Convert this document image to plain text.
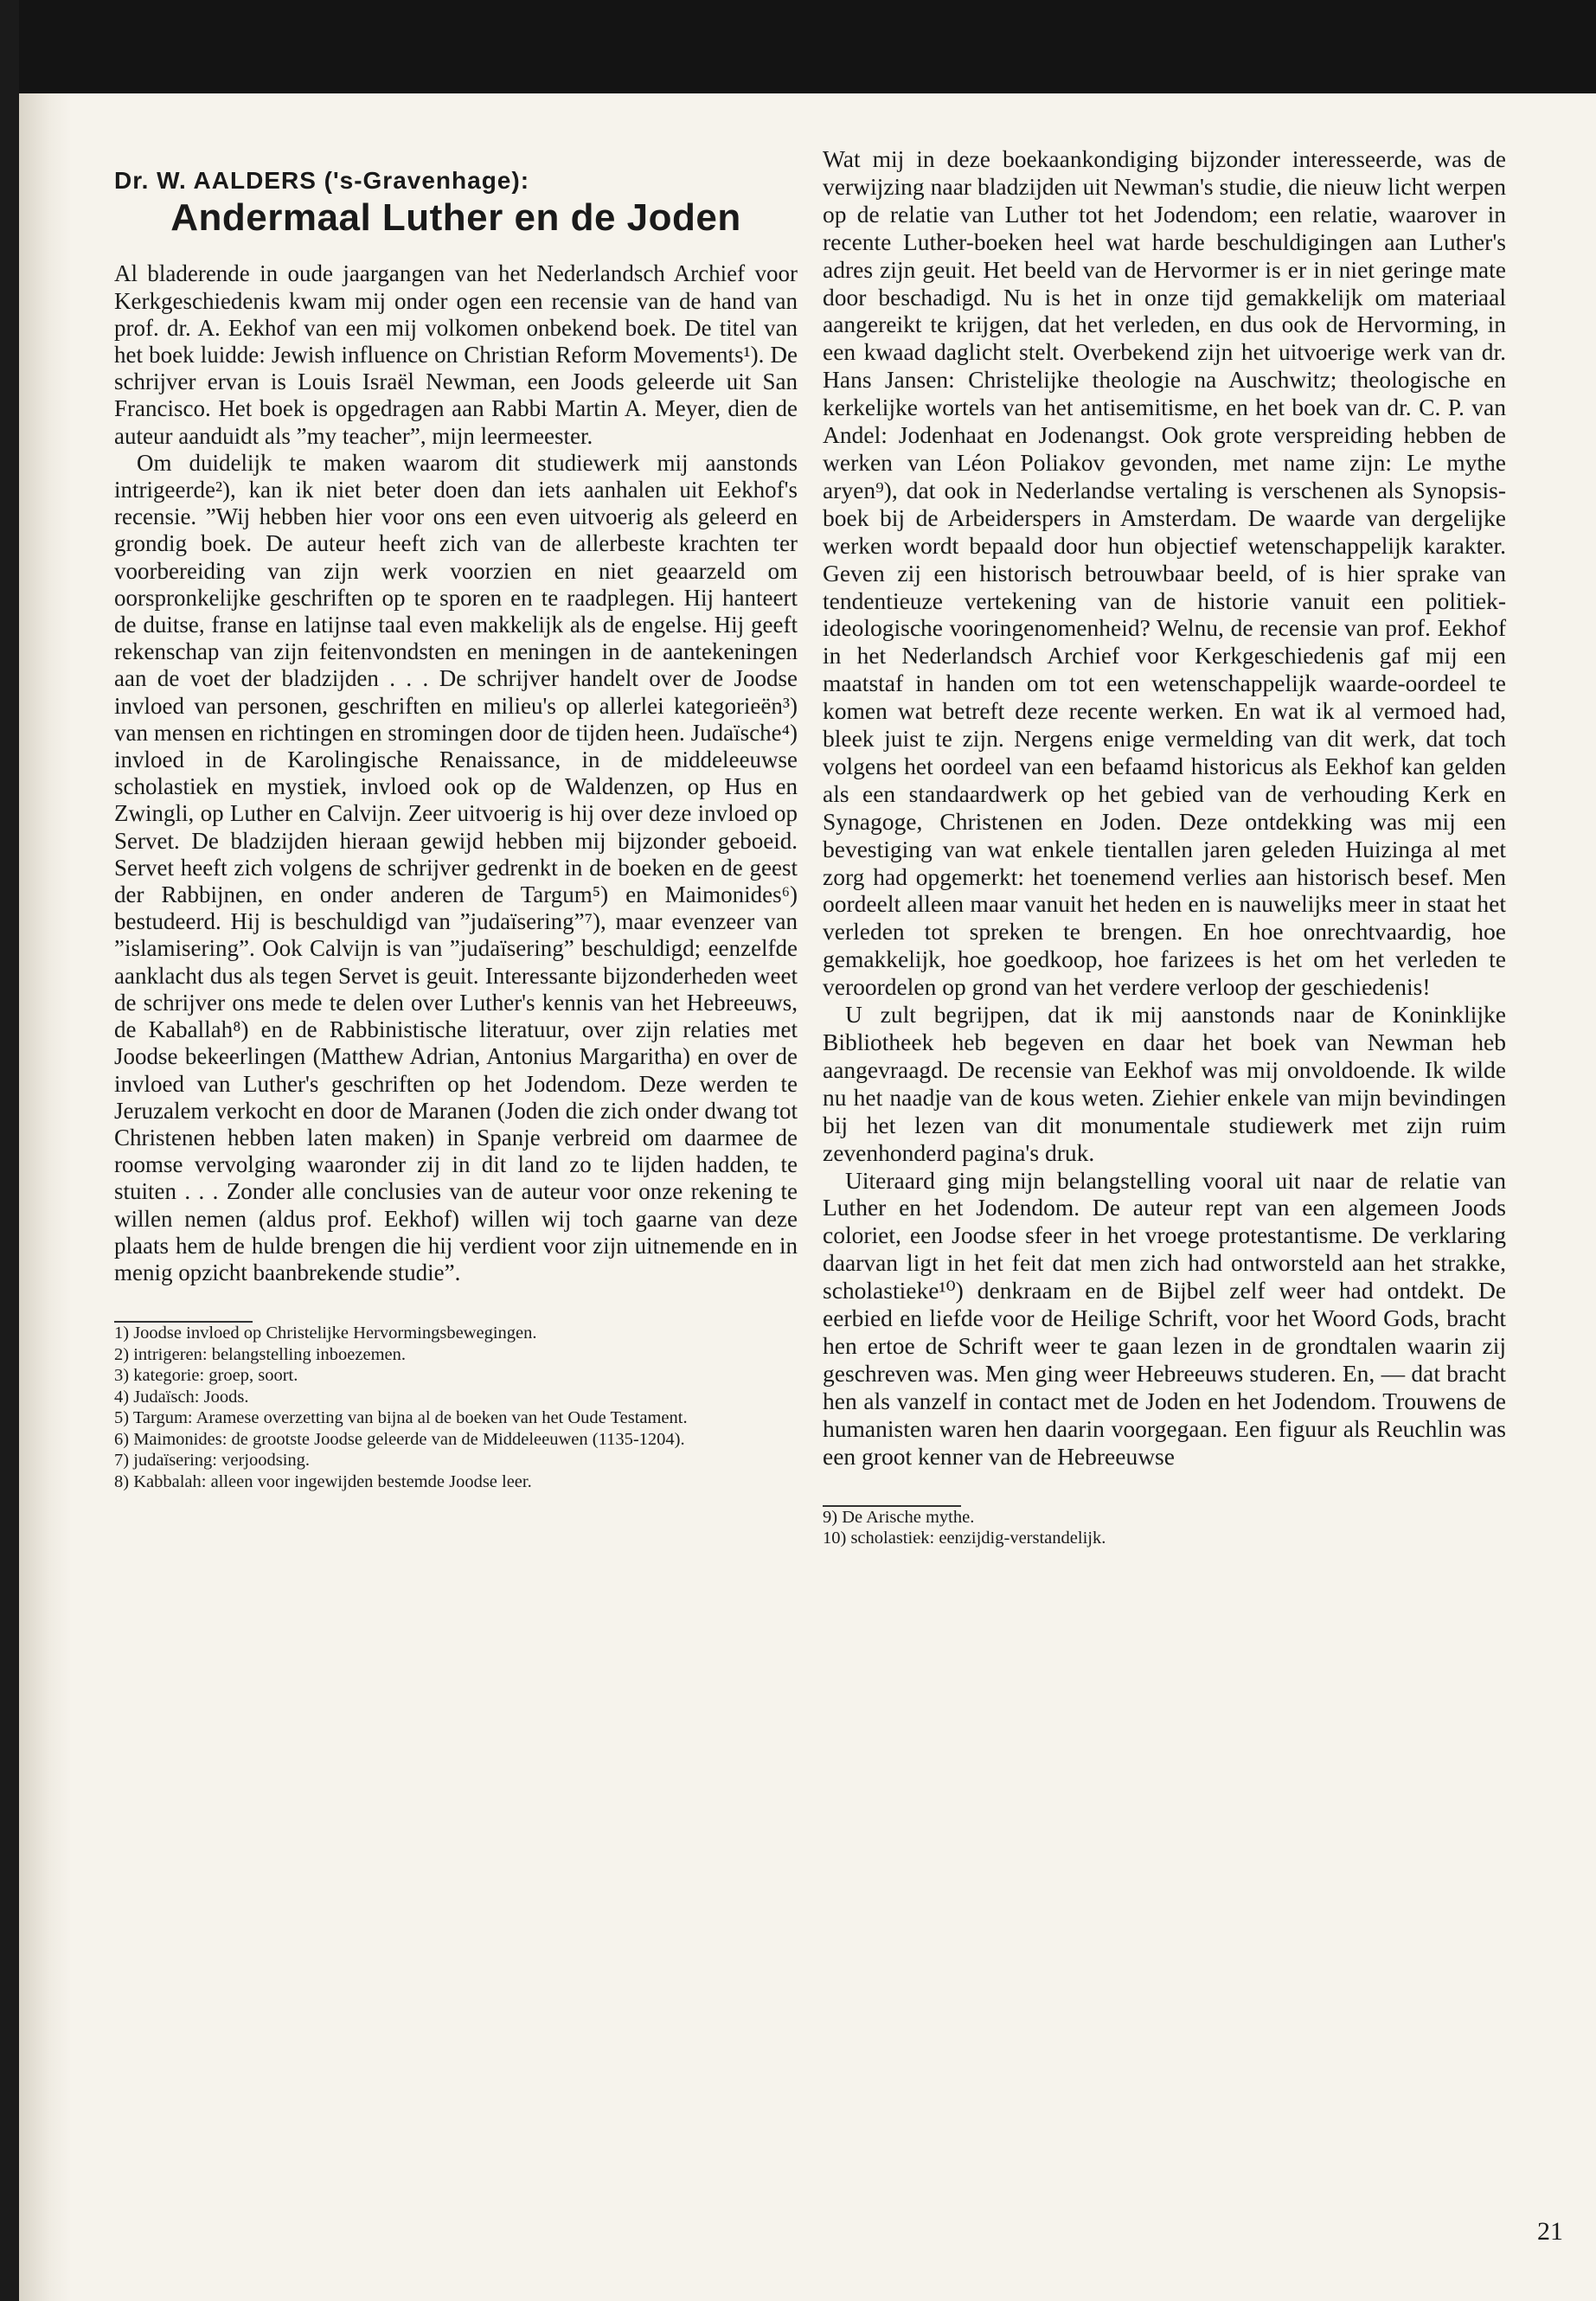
Dr. W. AALDERS ('s-Gravenhage):
Andermaal Luther en de Joden

Al bladerende in oude jaargangen van het Nederlandsch Archief voor Kerkgeschiedenis kwam mij onder ogen een recensie van de hand van prof. dr. A. Eekhof van een mij volkomen onbekend boek. De titel van het boek luidde: Jewish influence on Christian Reform Movements¹). De schrijver ervan is Louis Israël Newman, een Joods geleerde uit San Francisco. Het boek is opgedragen aan Rabbi Martin A. Meyer, dien de auteur aanduidt als ”my teacher”, mijn leermeester.

Om duidelijk te maken waarom dit studiewerk mij aanstonds intrigeerde²), kan ik niet beter doen dan iets aanhalen uit Eekhof's recensie. ”Wij hebben hier voor ons een even uitvoerig als geleerd en grondig boek. De auteur heeft zich van de allerbeste krachten ter voorbereiding van zijn werk voorzien en niet geaarzeld om oorspronkelijke geschriften op te sporen en te raadplegen. Hij hanteert de duitse, franse en latijnse taal even makkelijk als de engelse. Hij geeft rekenschap van zijn feitenvondsten en meningen in de aantekeningen aan de voet der bladzijden . . . De schrijver handelt over de Joodse invloed van personen, geschriften en milieu's op allerlei kategorieën³) van mensen en richtingen en stromingen door de tijden heen. Judaïsche⁴) invloed in de Karolingische Renaissance, in de middeleeuwse scholastiek en mystiek, invloed ook op de Waldenzen, op Hus en Zwingli, op Luther en Calvijn. Zeer uitvoerig is hij over deze invloed op Servet. De bladzijden hieraan gewijd hebben mij bijzonder geboeid. Servet heeft zich volgens de schrijver gedrenkt in de boeken en de geest der Rabbijnen, en onder anderen de Targum⁵) en Maimonides⁶) bestudeerd. Hij is beschuldigd van ”judaïsering”⁷), maar evenzeer van ”islamisering”. Ook Calvijn is van ”judaïsering” beschuldigd; eenzelfde aanklacht dus als tegen Servet is geuit. Interessante bijzonderheden weet de schrijver ons mede te delen over Luther's kennis van het Hebreeuws, de Kaballah⁸) en de Rabbinistische literatuur, over zijn relaties met Joodse bekeerlingen (Matthew Adrian, Antonius Margaritha) en over de invloed van Luther's geschriften op het Jodendom. Deze werden te Jeruzalem verkocht en door de Maranen (Joden die zich onder dwang tot Christenen hebben laten maken) in Spanje verbreid om daarmee de roomse vervolging waaronder zij in dit land zo te lijden hadden, te stuiten . . . Zonder alle conclusies van de auteur voor onze rekening te willen nemen (aldus prof. Eekhof) willen wij toch gaarne van deze plaats hem de hulde brengen die hij verdient voor zijn uitnemende en in menig opzicht baanbrekende studie”.

1) Joodse invloed op Christelijke Hervormingsbewegingen.
2) intrigeren: belangstelling inboezemen.
3) kategorie: groep, soort.
4) Judaïsch: Joods.
5) Targum: Aramese overzetting van bijna al de boeken van het Oude Testament.
6) Maimonides: de grootste Joodse geleerde van de Middeleeuwen (1135-1204).
7) judaïsering: verjoodsing.
8) Kabbalah: alleen voor ingewijden bestemde Joodse leer.

Wat mij in deze boekaankondiging bijzonder interesseerde, was de verwijzing naar bladzijden uit Newman's studie, die nieuw licht werpen op de relatie van Luther tot het Jodendom; een relatie, waarover in recente Luther-boeken heel wat harde beschuldigingen aan Luther's adres zijn geuit. Het beeld van de Hervormer is er in niet geringe mate door beschadigd. Nu is het in onze tijd gemakkelijk om materiaal aangereikt te krijgen, dat het verleden, en dus ook de Hervorming, in een kwaad daglicht stelt. Overbekend zijn het uitvoerige werk van dr. Hans Jansen: Christelijke theologie na Auschwitz; theologische en kerkelijke wortels van het antisemitisme, en het boek van dr. C. P. van Andel: Jodenhaat en Jodenangst. Ook grote verspreiding hebben de werken van Léon Poliakov gevonden, met name zijn: Le mythe aryen⁹), dat ook in Nederlandse vertaling is verschenen als Synopsis-boek bij de Arbeiderspers in Amsterdam. De waarde van dergelijke werken wordt bepaald door hun objectief wetenschappelijk karakter. Geven zij een historisch betrouwbaar beeld, of is hier sprake van tendentieuze vertekening van de historie vanuit een politiek-ideologische vooringenomenheid? Welnu, de recensie van prof. Eekhof in het Nederlandsch Archief voor Kerkgeschiedenis gaf mij een maatstaf in handen om tot een wetenschappelijk waarde-oordeel te komen wat betreft deze recente werken. En wat ik al vermoed had, bleek juist te zijn. Nergens enige vermelding van dit werk, dat toch volgens het oordeel van een befaamd historicus als Eekhof kan gelden als een standaardwerk op het gebied van de verhouding Kerk en Synagoge, Christenen en Joden. Deze ontdekking was mij een bevestiging van wat enkele tientallen jaren geleden Huizinga al met zorg had opgemerkt: het toenemend verlies aan historisch besef. Men oordeelt alleen maar vanuit het heden en is nauwelijks meer in staat het verleden tot spreken te brengen. En hoe onrechtvaardig, hoe gemakkelijk, hoe goedkoop, hoe farizees is het om het verleden te veroordelen op grond van het verdere verloop der geschiedenis!

U zult begrijpen, dat ik mij aanstonds naar de Koninklijke Bibliotheek heb begeven en daar het boek van Newman heb aangevraagd. De recensie van Eekhof was mij onvoldoende. Ik wilde nu het naadje van de kous weten. Ziehier enkele van mijn bevindingen bij het lezen van dit monumentale studiewerk met zijn ruim zevenhonderd pagina's druk.

Uiteraard ging mijn belangstelling vooral uit naar de relatie van Luther en het Jodendom. De auteur rept van een algemeen Joods coloriet, een Joodse sfeer in het vroege protestantisme. De verklaring daarvan ligt in het feit dat men zich had ontworsteld aan het strakke, scholastieke¹⁰) denkraam en de Bijbel zelf weer had ontdekt. De eerbied en liefde voor de Heilige Schrift, voor het Woord Gods, bracht hen ertoe de Schrift weer te gaan lezen in de grondtalen waarin zij geschreven was. Men ging weer Hebreeuws studeren. En, — dat bracht hen als vanzelf in contact met de Joden en het Jodendom. Trouwens de humanisten waren hen daarin voorgegaan. Een figuur als Reuchlin was een groot kenner van de Hebreeuwse

9) De Arische mythe.
10) scholastiek: eenzijdig-verstandelijk.
21
